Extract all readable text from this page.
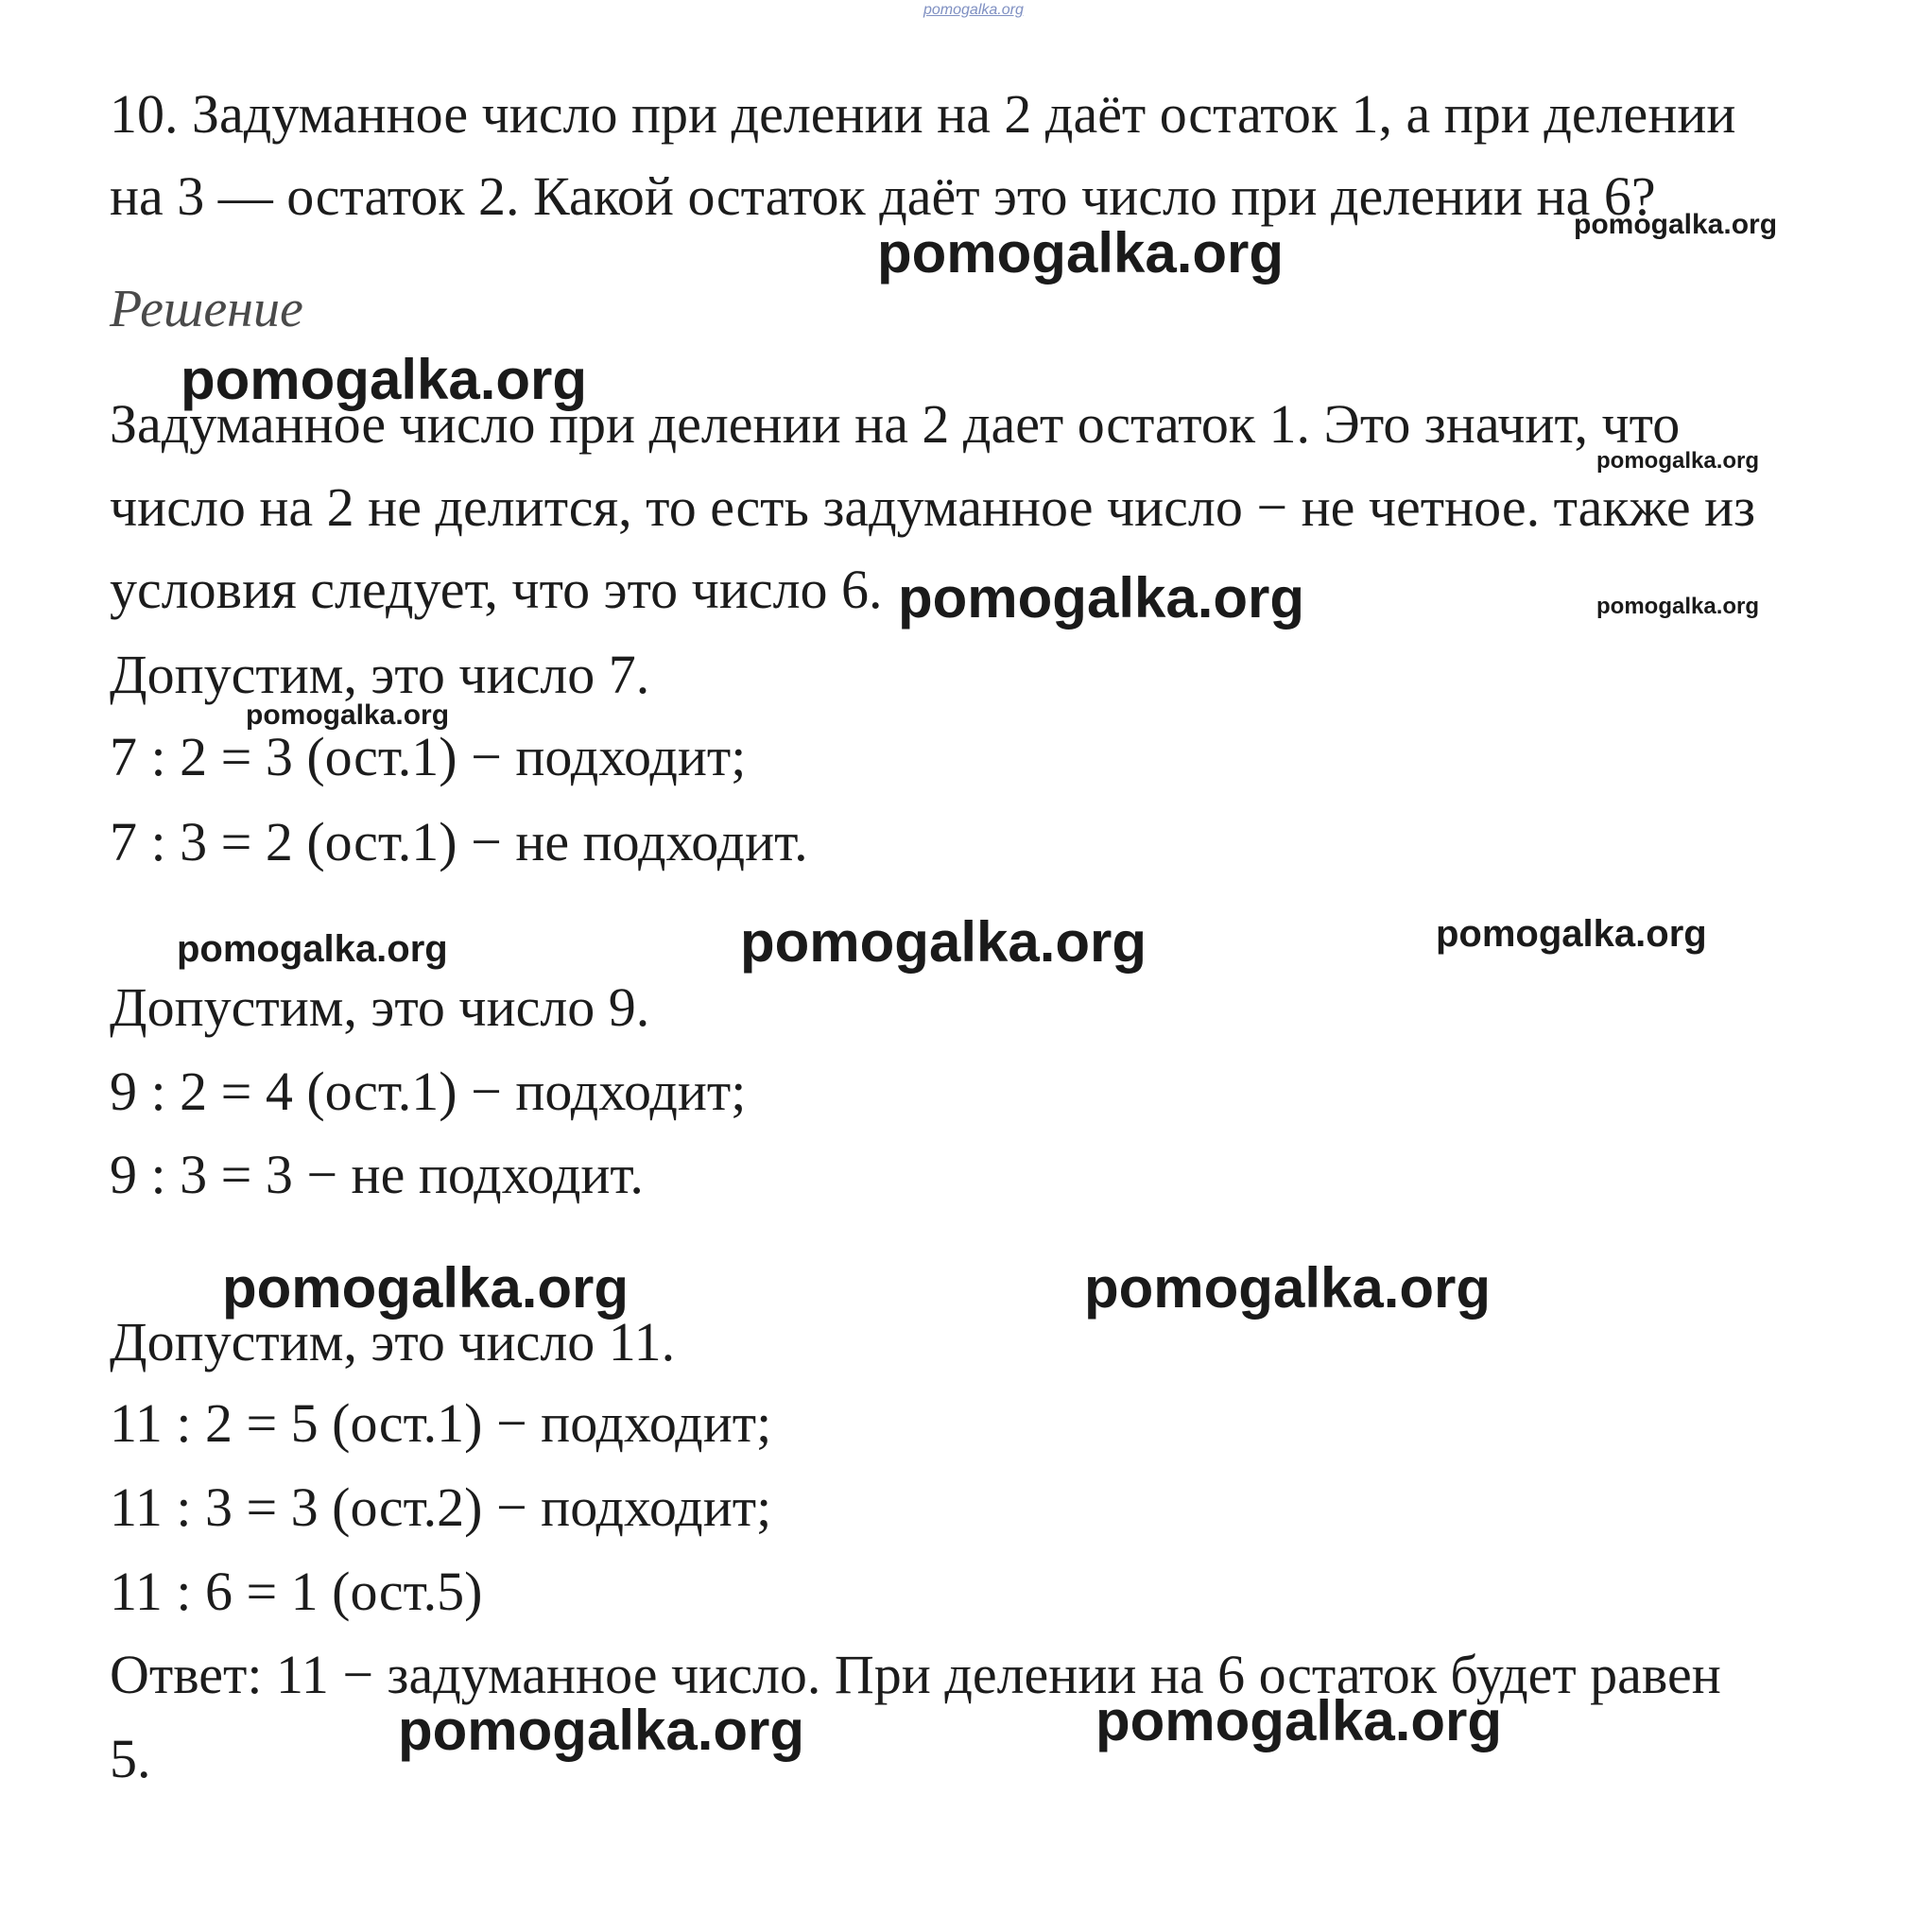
pomogalka.org
10. Задуманное число при делении на 2 даёт остаток 1, а при делении
на 3 — остаток 2. Какой остаток даёт это число при делении на 6?
Решение
Задуманное число при делении на 2 дает остаток 1. Это значит, что
число на 2 не делится, то есть задуманное число − не четное. также из
условия следует, что это число 6.
Допустим, это число 7.
7 : 2 = 3 (ост.1) − подходит;
7 : 3 = 2 (ост.1) − не подходит.
Допустим, это число 9.
9 : 2 = 4 (ост.1) − подходит;
9 : 3 = 3 − не подходит.
Допустим, это число 11.
11 : 2 = 5 (ост.1) − подходит;
11 : 3 = 3 (ост.2) − подходит;
11 : 6 = 1 (ост.5)
Ответ: 11 − задуманное число. При делении на 6 остаток будет равен
5.
pomogalka.org
pomogalka.org
pomogalka.org
pomogalka.org
pomogalka.org	pomogalka.org
pomogalka.org
pomogalka.org	pomogalka.org	pomogalka.org
pomogalka.org	pomogalka.org
pomogalka.org	pomogalka.org
